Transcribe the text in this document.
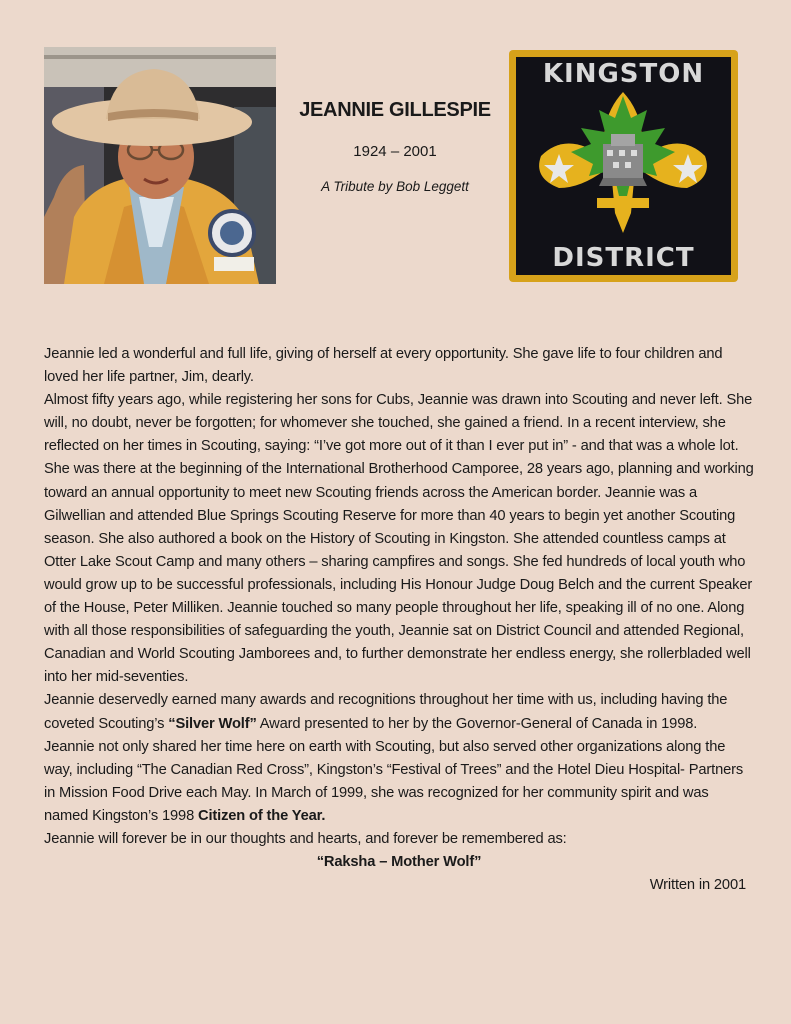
JEANNIE GILLESPIE
1924 – 2001
A Tribute by Bob Leggett
KINGSTON
DISTRICT

Jeannie led a wonderful and full life, giving of herself at every opportunity. She gave life to four children and loved her life partner, Jim, dearly.

Almost fifty years ago, while registering her sons for Cubs, Jeannie was drawn into Scouting and never left. She will, no doubt, never be forgotten; for whomever she touched, she gained a friend. In a recent interview, she reflected on her times in Scouting, saying: “I’ve got more out of it than I ever put in” - and that was a whole lot.

She was there at the beginning of the International Brotherhood Camporee, 28 years ago, planning and working toward an annual opportunity to meet new Scouting friends across the American border. Jeannie was a Gilwellian and attended Blue Springs Scouting Reserve for more than 40 years to begin yet another Scouting season. She also authored a book on the History of Scouting in Kingston. She attended countless camps at Otter Lake Scout Camp and many others – sharing campfires and songs. She fed hundreds of local youth who would grow up to be successful professionals, including His Honour Judge Doug Belch and the current Speaker of the House, Peter Milliken. Jeannie touched so many people throughout her life, speaking ill of no one. Along with all those responsibilities of safeguarding the youth, Jeannie sat on District Council and attended Regional, Canadian and World Scouting Jamborees and, to further demonstrate her endless energy, she rollerbladed well into her mid-seventies.

Jeannie deservedly earned many awards and recognitions throughout her time with us, including having the coveted Scouting’s “Silver Wolf” Award presented to her by the Governor-General of Canada in 1998.

Jeannie not only shared her time here on earth with Scouting, but also served other organizations along the way, including “The Canadian Red Cross”, Kingston’s “Festival of Trees” and the Hotel Dieu Hospital- Partners in Mission Food Drive each May. In March of 1999, she was recognized for her community spirit and was named Kingston’s 1998 Citizen of the Year.

Jeannie will forever be in our thoughts and hearts, and forever be remembered as:

“Raksha – Mother Wolf”

Written in 2001
